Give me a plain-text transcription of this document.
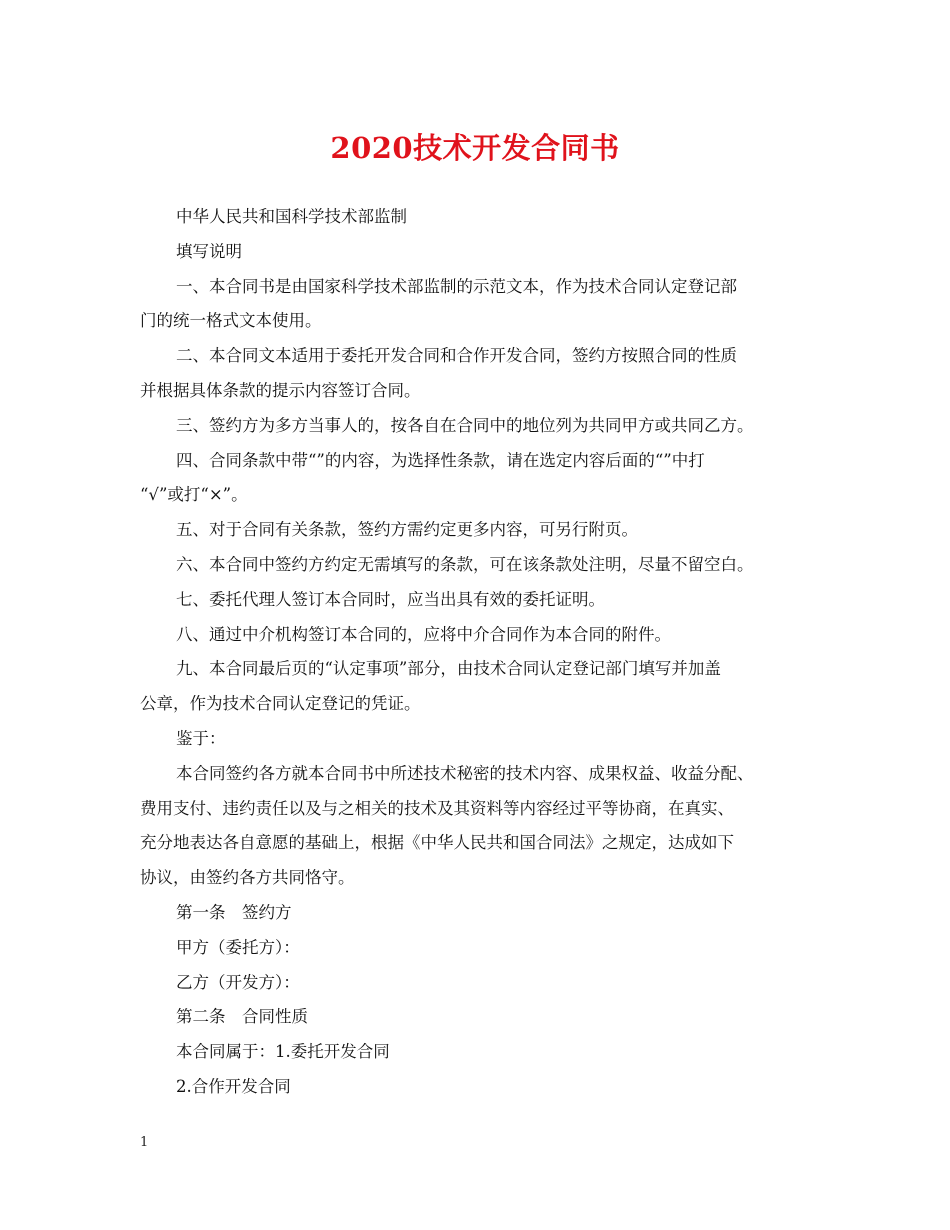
2020技术开发合同书

中华人民共和国科学技术部监制

填写说明

一、本合同书是由国家科学技术部监制的示范文本，作为技术合同认定登记部

门的统一格式文本使用。

二、本合同文本适用于委托开发合同和合作开发合同，签约方按照合同的性质

并根据具体条款的提示内容签订合同。

三、签约方为多方当事人的，按各自在合同中的地位列为共同甲方或共同乙方。

四、合同条款中带“”的内容，为选择性条款，请在选定内容后面的“”中打

“√”或打“×”。

五、对于合同有关条款，签约方需约定更多内容，可另行附页。

六、本合同中签约方约定无需填写的条款，可在该条款处注明，尽量不留空白。

七、委托代理人签订本合同时，应当出具有效的委托证明。

八、通过中介机构签订本合同的，应将中介合同作为本合同的附件。

九、本合同最后页的“认定事项”部分，由技术合同认定登记部门填写并加盖

公章，作为技术合同认定登记的凭证。

鉴于：

本合同签约各方就本合同书中所述技术秘密的技术内容、成果权益、收益分配、

费用支付、违约责任以及与之相关的技术及其资料等内容经过平等协商，在真实、

充分地表达各自意愿的基础上，根据《中华人民共和国合同法》之规定，达成如下

协议，由签约各方共同恪守。

第一条　签约方

甲方（委托方）：

乙方（开发方）：

第二条　合同性质

本合同属于：1.委托开发合同

2.合作开发合同

1
